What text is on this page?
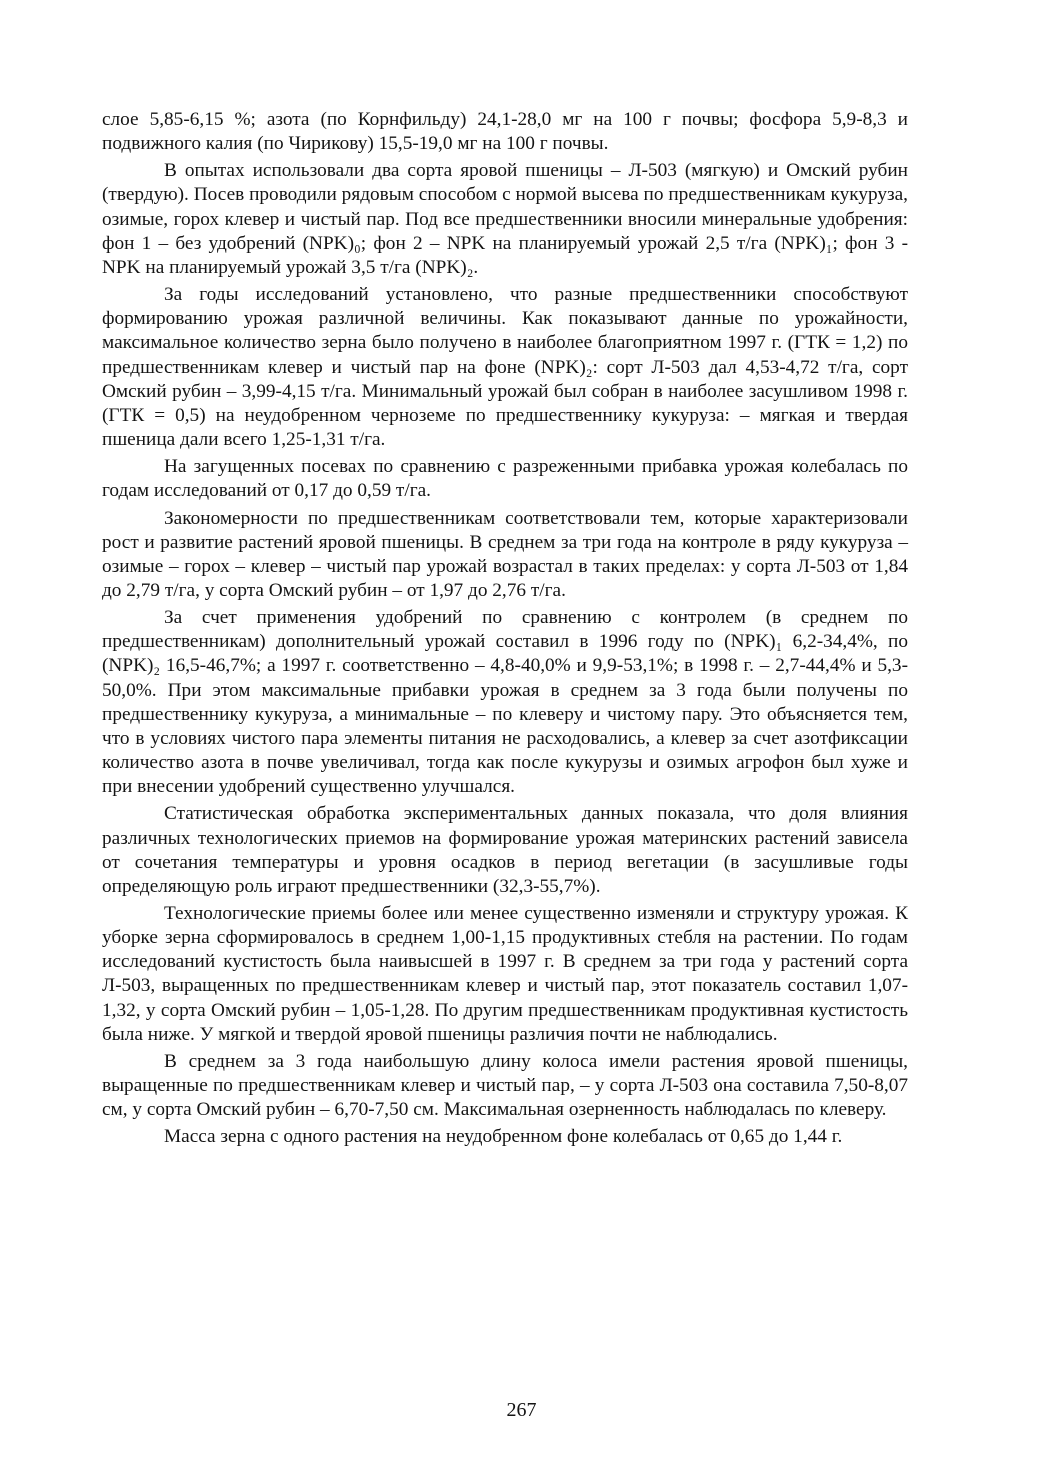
слое 5,85-6,15 %; азота (по Корнфильду) 24,1-28,0 мг на 100 г почвы; фосфора 5,9-8,3 и подвижного калия (по Чирикову) 15,5-19,0 мг на 100 г почвы.

В опытах использовали два сорта яровой пшеницы – Л-503 (мягкую) и Омский рубин (твердую). Посев проводили рядовым способом с нормой высева по предшественникам кукуруза, озимые, горох клевер и чистый пар. Под все предшественники вносили минеральные удобрения: фон 1 – без удобрений (NPK)₀; фон 2 – NPK на планируемый урожай 2,5 т/га (NPK)₁; фон 3 - NPK на планируемый урожай 3,5 т/га (NPK)₂.

За годы исследований установлено, что разные предшественники способствуют формированию урожая различной величины. Как показывают данные по урожайности, максимальное количество зерна было получено в наиболее благоприятном 1997 г. (ГТК = 1,2) по предшественникам клевер и чистый пар на фоне (NPK)₂: сорт Л-503 дал 4,53-4,72 т/га, сорт Омский рубин – 3,99-4,15 т/га. Минимальный урожай был собран в наиболее засушливом 1998 г. (ГТК = 0,5) на неудобренном черноземе по предшественнику кукуруза: – мягкая и твердая пшеница дали всего 1,25-1,31 т/га.

На загущенных посевах по сравнению с разреженными прибавка урожая колебалась по годам исследований от 0,17 до 0,59 т/га.

Закономерности по предшественникам соответствовали тем, которые характеризовали рост и развитие растений яровой пшеницы. В среднем за три года на контроле в ряду кукуруза – озимые – горох – клевер – чистый пар урожай возрастал в таких пределах: у сорта Л-503 от 1,84 до 2,79 т/га, у сорта Омский рубин – от 1,97 до 2,76 т/га.

За счет применения удобрений по сравнению с контролем (в среднем по предшественникам) дополнительный урожай составил в 1996 году по (NPK)₁ 6,2-34,4%, по (NPK)₂ 16,5-46,7%; а 1997 г. соответственно – 4,8-40,0% и 9,9-53,1%; в 1998 г. – 2,7-44,4% и 5,3-50,0%. При этом максимальные прибавки урожая в среднем за 3 года были получены по предшественнику кукуруза, а минимальные – по клеверу и чистому пару. Это объясняется тем, что в условиях чистого пара элементы питания не расходовались, а клевер за счет азотфиксации количество азота в почве увеличивал, тогда как после кукурузы и озимых агрофон был хуже и при внесении удобрений существенно улучшался.

Статистическая обработка экспериментальных данных показала, что доля влияния различных технологических приемов на формирование урожая материнских растений зависела от сочетания температуры и уровня осадков в период вегетации (в засушливые годы определяющую роль играют предшественники (32,3-55,7%).

Технологические приемы более или менее существенно изменяли и структуру урожая. К уборке зерна сформировалось в среднем 1,00-1,15 продуктивных стебля на растении. По годам исследований кустистость была наивысшей в 1997 г. В среднем за три года у растений сорта Л-503, выращенных по предшественникам клевер и чистый пар, этот показатель составил 1,07-1,32, у сорта Омский рубин – 1,05-1,28. По другим предшественникам продуктивная кустистость была ниже. У мягкой и твердой яровой пшеницы различия почти не наблюдались.

В среднем за 3 года наибольшую длину колоса имели растения яровой пшеницы, выращенные по предшественникам клевер и чистый пар, – у сорта Л-503 она составила 7,50-8,07 см, у сорта Омский рубин – 6,70-7,50 см. Максимальная озерненность наблюдалась по клеверу.

Масса зерна с одного растения на неудобренном фоне колебалась от 0,65 до 1,44 г.

267
